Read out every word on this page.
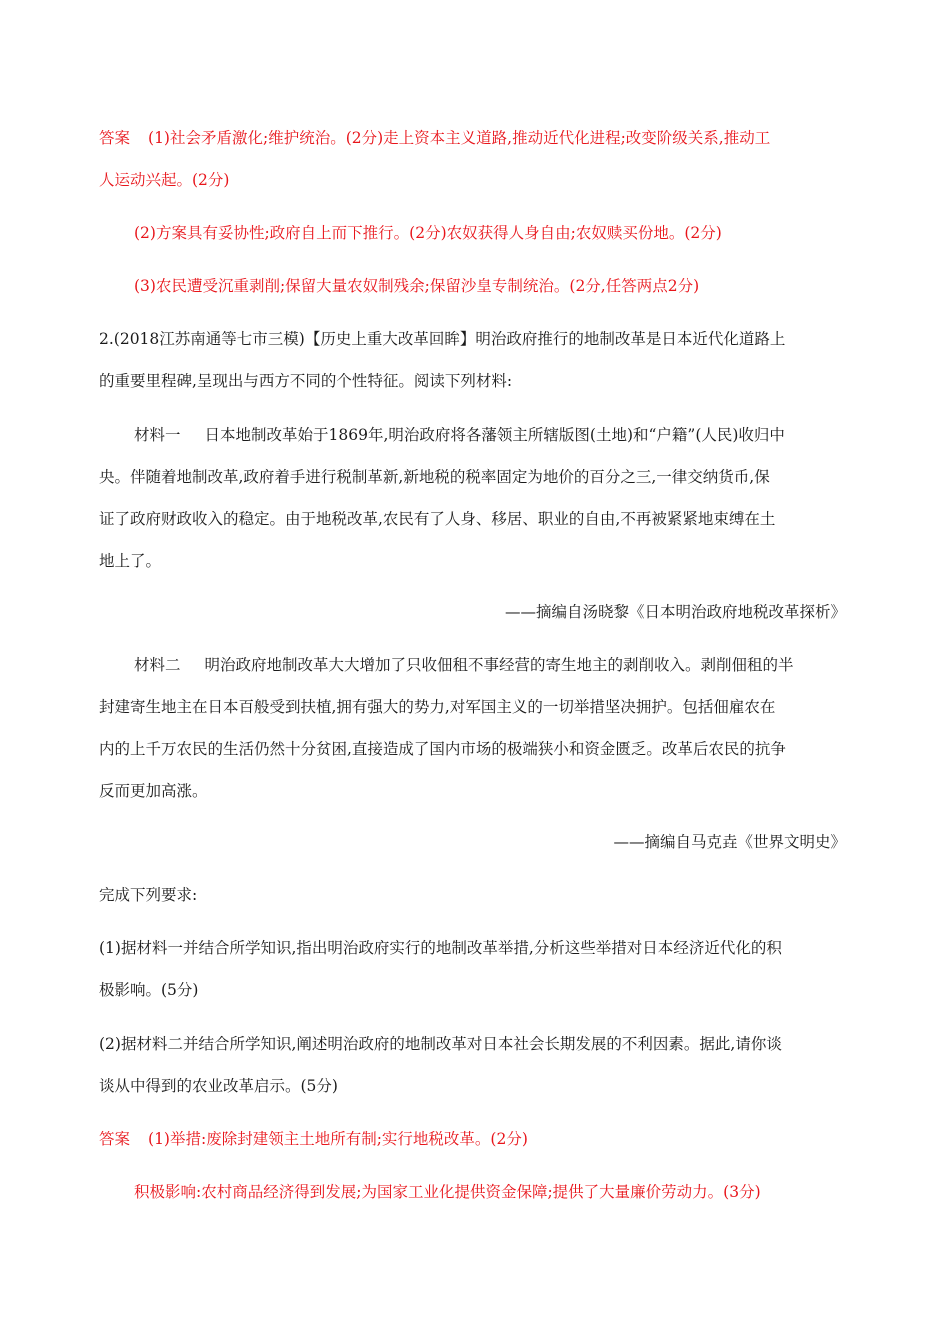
答案 (1)社会矛盾激化;维护统治。(2分)走上资本主义道路,推动近代化进程;改变阶级关系,推动工
人运动兴起。(2分)
(2)方案具有妥协性;政府自上而下推行。(2分)农奴获得人身自由;农奴赎买份地。(2分)
(3)农民遭受沉重剥削;保留大量农奴制残余;保留沙皇专制统治。(2分,任答两点2分)
2.(2018江苏南通等七市三模)【历史上重大改革回眸】明治政府推行的地制改革是日本近代化道路上
的重要里程碑,呈现出与西方不同的个性特征。阅读下列材料:
材料一 日本地制改革始于1869年,明治政府将各藩领主所辖版图(土地)和“户籍”(人民)收归中
央。伴随着地制改革,政府着手进行税制革新,新地税的税率固定为地价的百分之三,一律交纳货币,保
证了政府财政收入的稳定。由于地税改革,农民有了人身、移居、职业的自由,不再被紧紧地束缚在土
地上了。
——摘编自汤晓黎《日本明治政府地税改革探析》
材料二 明治政府地制改革大大增加了只收佃租不事经营的寄生地主的剥削收入。剥削佃租的半
封建寄生地主在日本百般受到扶植,拥有强大的势力,对军国主义的一切举措坚决拥护。包括佃雇农在
内的上千万农民的生活仍然十分贫困,直接造成了国内市场的极端狭小和资金匮乏。改革后农民的抗争
反而更加高涨。
——摘编自马克垚《世界文明史》
完成下列要求:
(1)据材料一并结合所学知识,指出明治政府实行的地制改革举措,分析这些举措对日本经济近代化的积
极影响。(5分)
(2)据材料二并结合所学知识,阐述明治政府的地制改革对日本社会长期发展的不利因素。据此,请你谈
谈从中得到的农业改革启示。(5分)
答案 (1)举措:废除封建领主土地所有制;实行地税改革。(2分)
积极影响:农村商品经济得到发展;为国家工业化提供资金保障;提供了大量廉价劳动力。(3分)
